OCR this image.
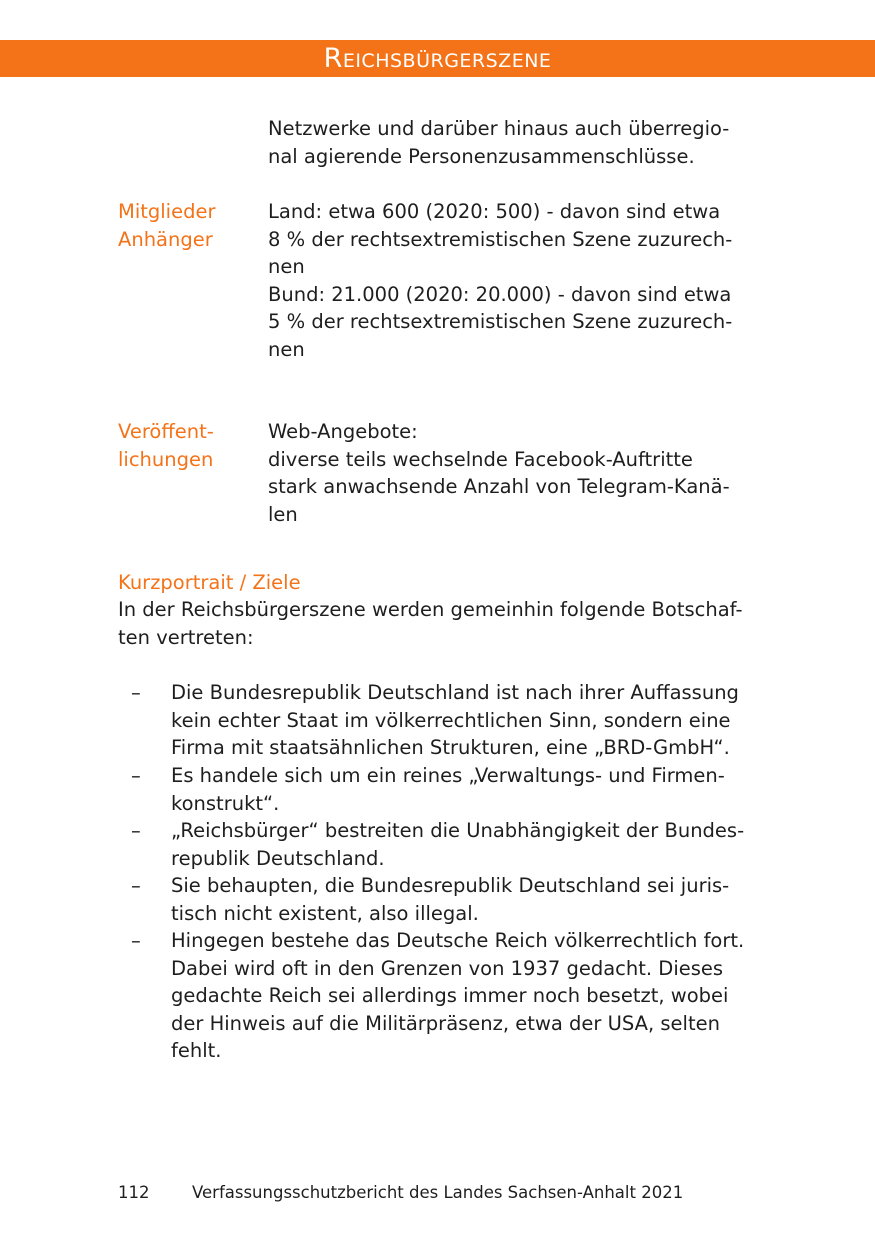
Reichsbürgerszene
Netzwerke und darüber hinaus auch überregio-
nal agierende Personenzusammenschlüsse.
Mitglieder
Anhänger
Land: etwa 600 (2020: 500) - davon sind etwa
8 % der rechtsextremistischen Szene zuzurech-
nen
Bund: 21.000 (2020: 20.000) - davon sind etwa
5 % der rechtsextremistischen Szene zuzurech-
nen
Veröffent-
lichungen
Web-Angebote:
diverse teils wechselnde Facebook-Auftritte
stark anwachsende Anzahl von Telegram-Kanä-
len
Kurzportrait / Ziele
In der Reichsbürgerszene werden gemeinhin folgende Botschaf-
ten vertreten:
– Die Bundesrepublik Deutschland ist nach ihrer Auffassung
kein echter Staat im völkerrechtlichen Sinn, sondern eine
Firma mit staatsähnlichen Strukturen, eine „BRD-GmbH“.
– Es handele sich um ein reines „Verwaltungs- und Firmen-
konstrukt“.
– „Reichsbürger“ bestreiten die Unabhängigkeit der Bundes-
republik Deutschland.
– Sie behaupten, die Bundesrepublik Deutschland sei juris-
tisch nicht existent, also illegal.
– Hingegen bestehe das Deutsche Reich völkerrechtlich fort.
Dabei wird oft in den Grenzen von 1937 gedacht. Dieses
gedachte Reich sei allerdings immer noch besetzt, wobei
der Hinweis auf die Militärpräsenz, etwa der USA, selten
fehlt.
112	Verfassungsschutzbericht des Landes Sachsen-Anhalt 2021
